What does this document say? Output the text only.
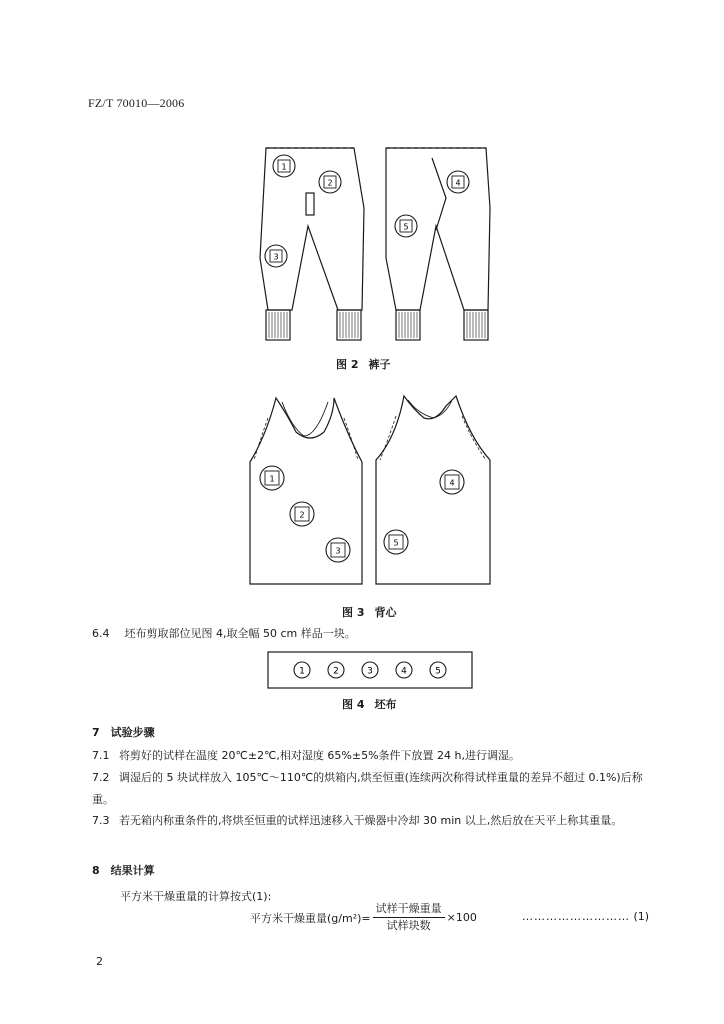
FZ/T 70010—2006
1
2
3
4
5
图 2 裤子
1
2
3
4
5
图 3 背心
6.4 坯布剪取部位见图 4,取全幅 50 cm 样品一块。
1	2	3	4	5
图 4 坯布
7　试验步骤
7.1 将剪好的试样在温度 20℃±2℃,相对湿度 65%±5%条件下放置 24 h,进行调湿。
7.2 调湿后的 5 块试样放入 105℃～110℃的烘箱内,烘至恒重(连续两次称得试样重量的差异不超过 0.1%)后称重。
7.3 若无箱内称重条件的,将烘至恒重的试样迅速移入干燥器中冷却 30 min 以上,然后放在天平上称其重量。
8　结果计算
平方米干燥重量的计算按式(1):
平方米干燥重量$(g/m^2)= \frac{\text{试样干燥重量}}{\text{试样块数}} \times 100$	……………………… (1)
2
